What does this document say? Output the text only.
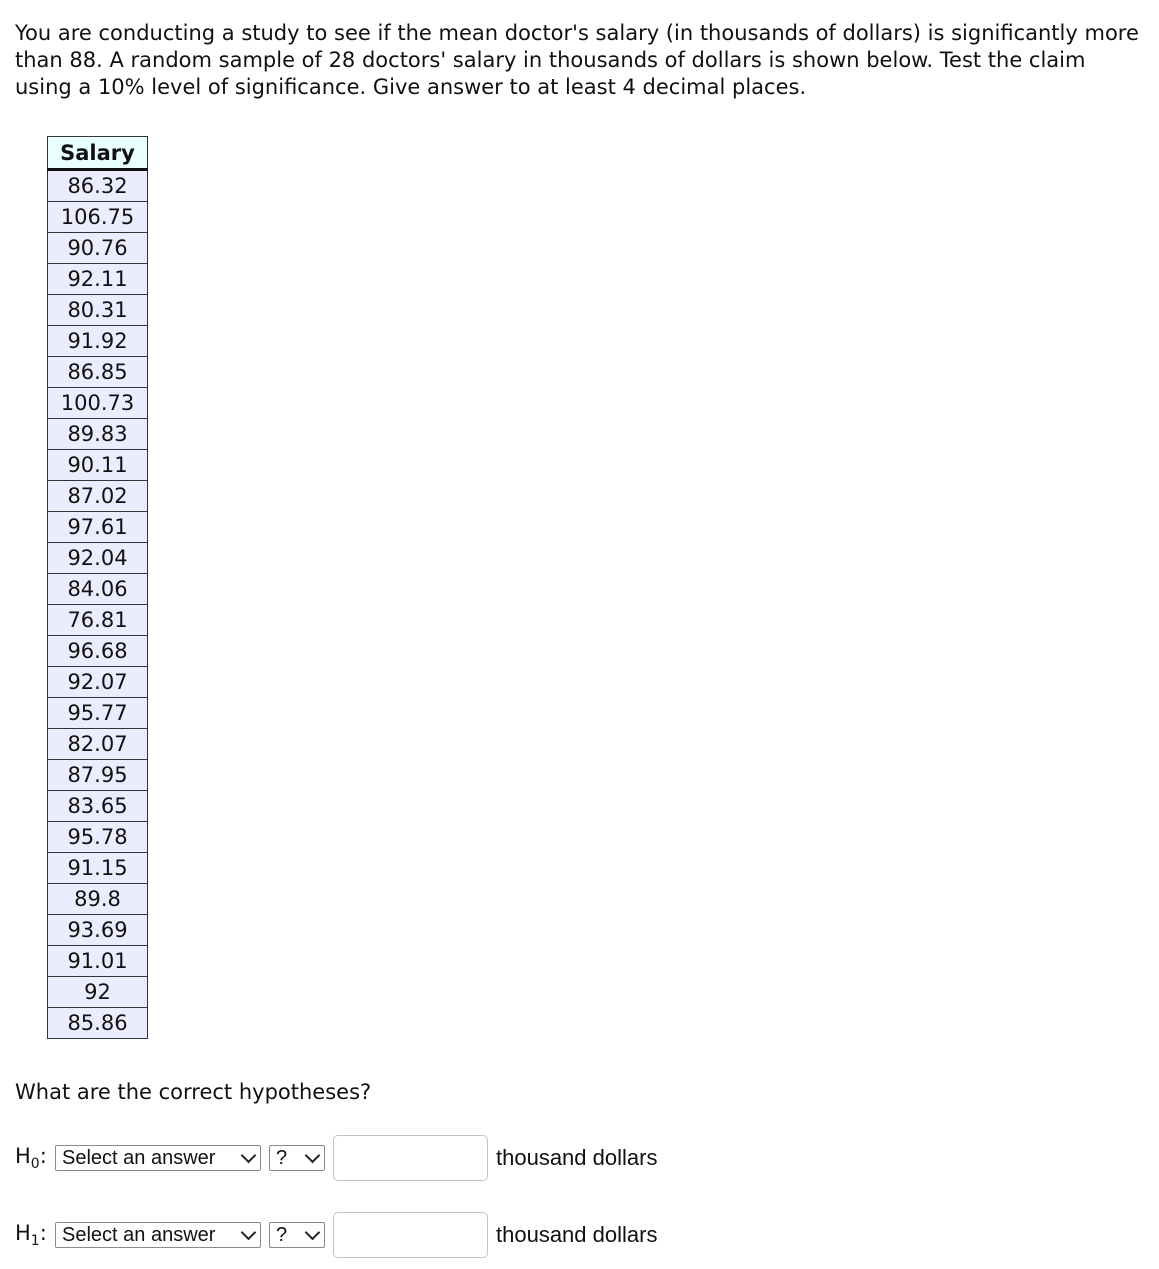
You are conducting a study to see if the mean doctor's salary (in thousands of dollars) is significantly more than 88. A random sample of 28 doctors' salary in thousands of dollars is shown below. Test the claim using a 10% level of significance. Give answer to at least 4 decimal places.

Salary
86.32
106.75
90.76
92.11
80.31
91.92
86.85
100.73
89.83
90.11
87.02
97.61
92.04
84.06
76.81
96.68
92.07
95.77
82.07
87.95
83.65
95.78
91.15
89.8
93.69
91.01
92
85.86

What are the correct hypotheses?

$H_0$: Select an answer	?	thousand dollars
$H_1$: Select an answer	?	thousand dollars
